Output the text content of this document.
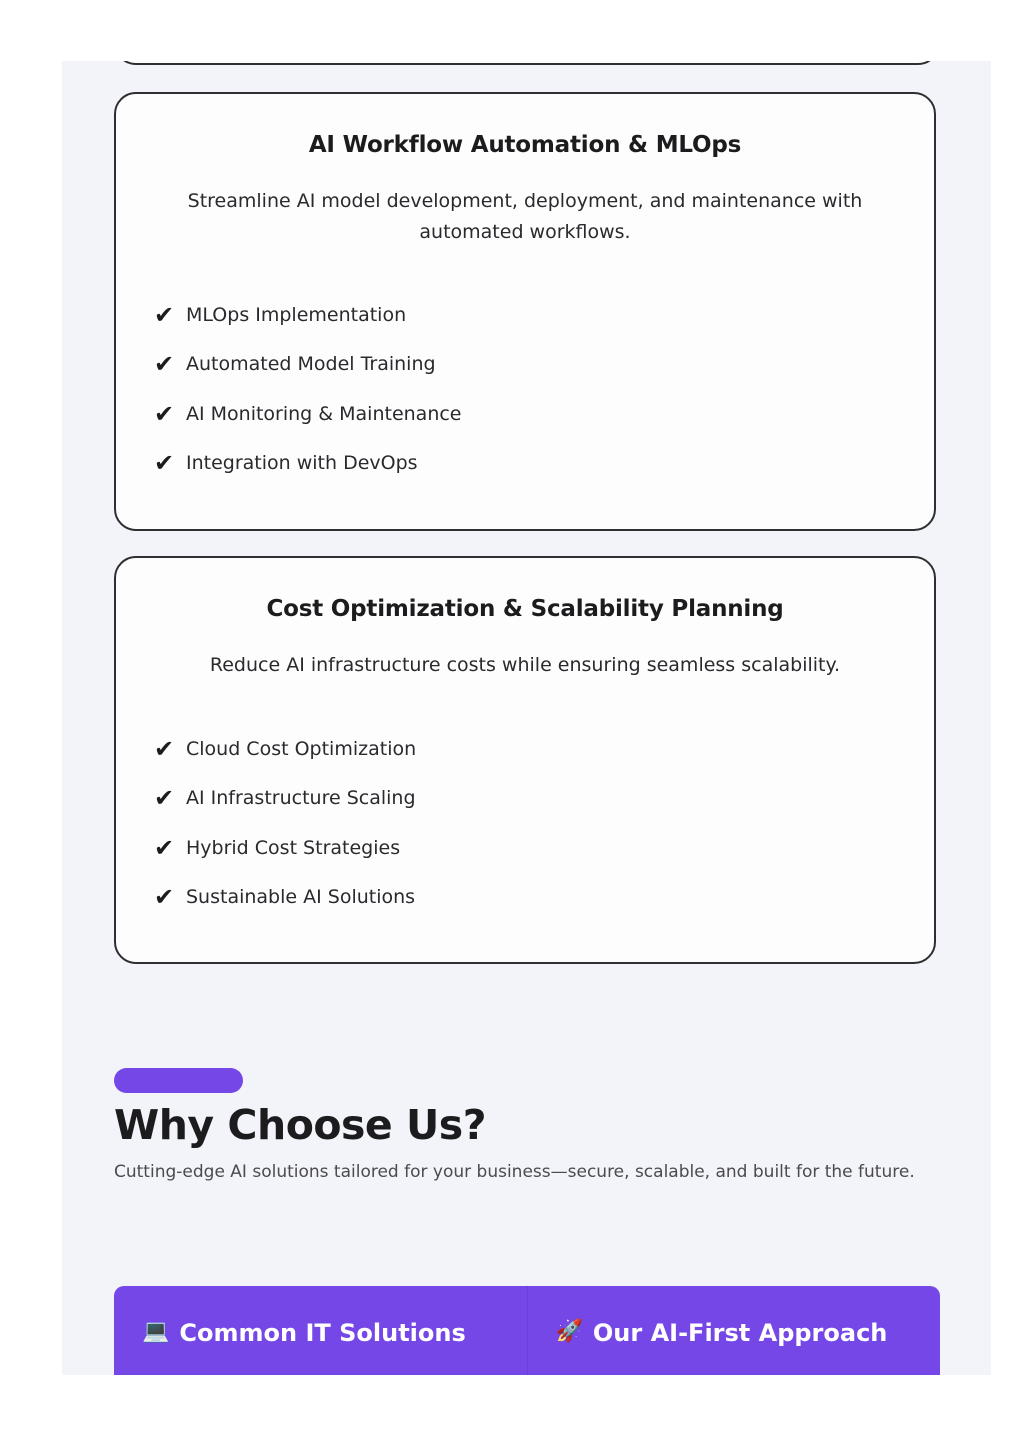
AI Workflow Automation & MLOps

Streamline AI model development, deployment, and maintenance with automated workflows.

✔ MLOps Implementation
✔ Automated Model Training
✔ AI Monitoring & Maintenance
✔ Integration with DevOps
Cost Optimization & Scalability Planning

Reduce AI infrastructure costs while ensuring seamless scalability.

✔ Cloud Cost Optimization
✔ AI Infrastructure Scaling
✔ Hybrid Cost Strategies
✔ Sustainable AI Solutions
Why Choose Us?

Cutting-edge AI solutions tailored for your business—secure, scalable, and built for the future.

💻 Common IT Solutions	🚀 Our AI-First Approach
